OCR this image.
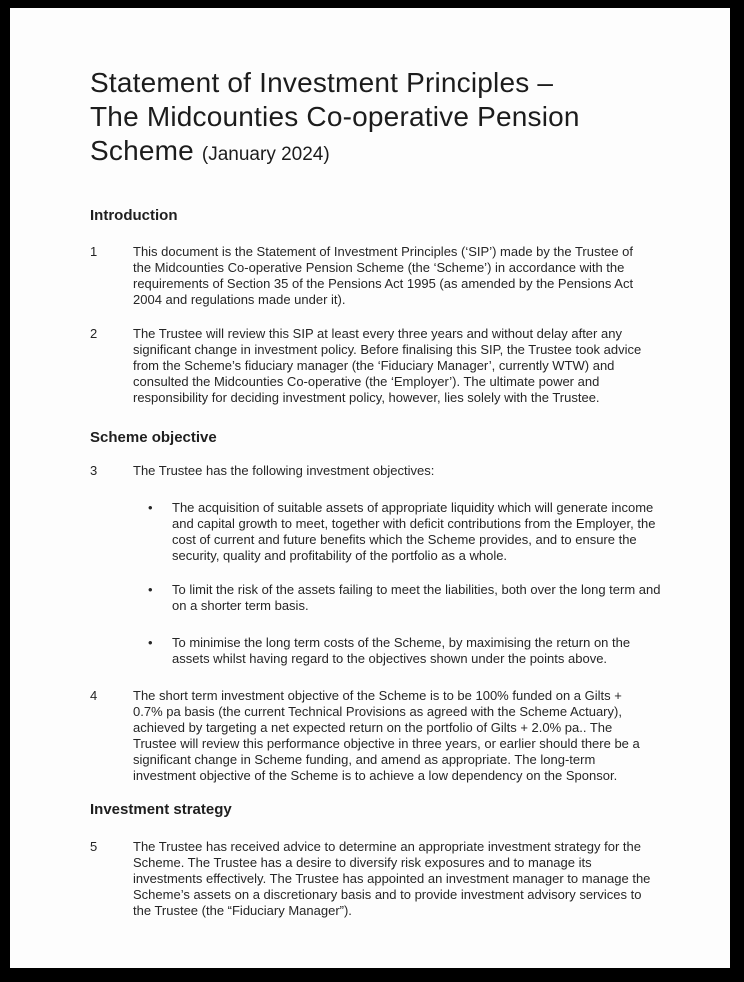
Statement of Investment Principles –
The Midcounties Co-operative Pension
Scheme (January 2024)
Introduction
1	This document is the Statement of Investment Principles (‘SIP’) made by the Trustee of the Midcounties Co-operative Pension Scheme (the ‘Scheme’) in accordance with the requirements of Section 35 of the Pensions Act 1995 (as amended by the Pensions Act 2004 and regulations made under it).

2	The Trustee will review this SIP at least every three years and without delay after any significant change in investment policy. Before finalising this SIP, the Trustee took advice from the Scheme’s fiduciary manager (the ‘Fiduciary Manager’, currently WTW) and consulted the Midcounties Co-operative (the ‘Employer’). The ultimate power and responsibility for deciding investment policy, however, lies solely with the Trustee.

Scheme objective
3	The Trustee has the following investment objectives:

•	The acquisition of suitable assets of appropriate liquidity which will generate income and capital growth to meet, together with deficit contributions from the Employer, the cost of current and future benefits which the Scheme provides, and to ensure the security, quality and profitability of the portfolio as a whole.

•	To limit the risk of the assets failing to meet the liabilities, both over the long term and on a shorter term basis.

•	To minimise the long term costs of the Scheme, by maximising the return on the assets whilst having regard to the objectives shown under the points above.

4	The short term investment objective of the Scheme is to be 100% funded on a Gilts + 0.7% pa basis (the current Technical Provisions as agreed with the Scheme Actuary), achieved by targeting a net expected return on the portfolio of Gilts + 2.0% pa.. The Trustee will review this performance objective in three years, or earlier should there be a significant change in Scheme funding, and amend as appropriate. The long-term investment objective of the Scheme is to achieve a low dependency on the Sponsor.

Investment strategy
5	The Trustee has received advice to determine an appropriate investment strategy for the Scheme. The Trustee has a desire to diversify risk exposures and to manage its investments effectively. The Trustee has appointed an investment manager to manage the Scheme’s assets on a discretionary basis and to provide investment advisory services to the Trustee (the “Fiduciary Manager”).
